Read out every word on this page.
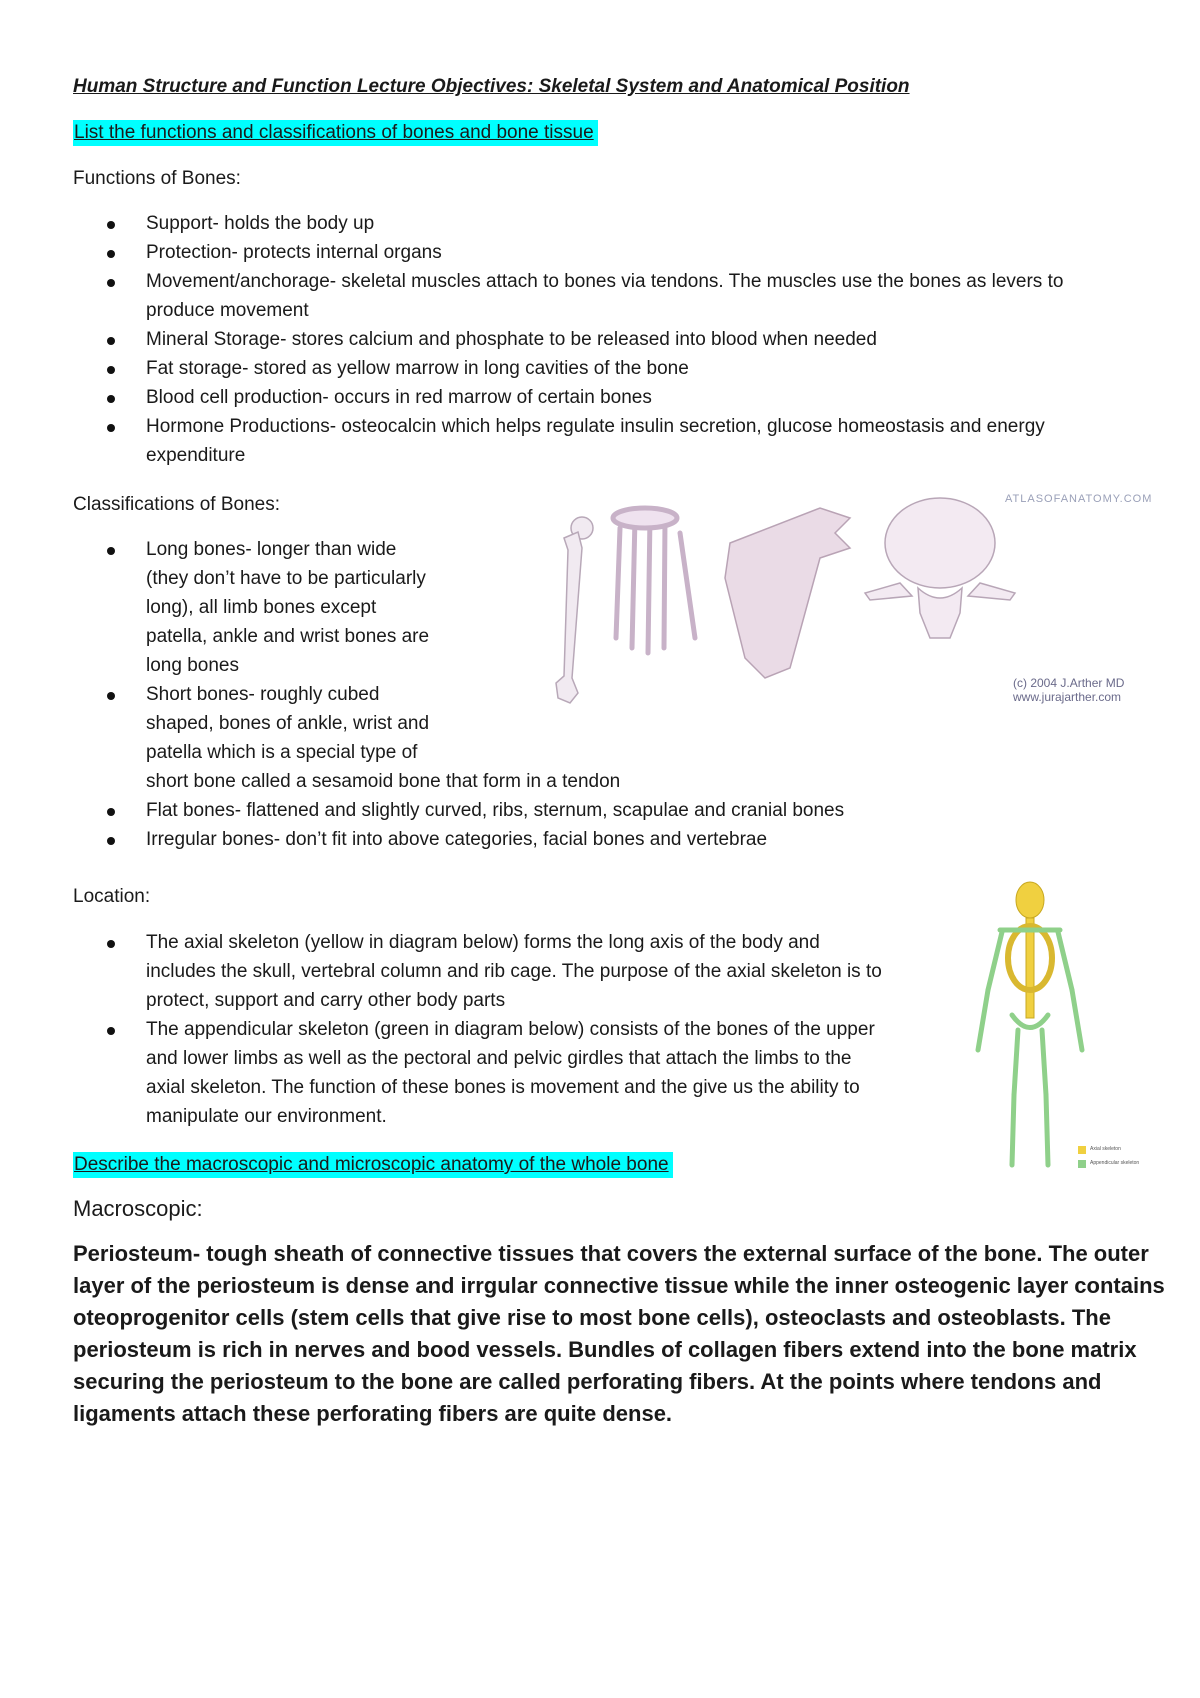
Human Structure and Function Lecture Objectives: Skeletal System and Anatomical Position
List the functions and classifications of bones and bone tissue
Functions of Bones:
Support- holds the body up
Protection- protects internal organs
Movement/anchorage- skeletal muscles attach to bones via tendons. The muscles use the bones as levers to
produce movement
Mineral Storage- stores calcium and phosphate to be released into blood when needed
Fat storage- stored as yellow marrow in long cavities of the bone
Blood cell production- occurs in red marrow of certain bones
Hormone Productions- osteocalcin which helps regulate insulin secretion, glucose homeostasis and energy
expenditure
Classifications of Bones:
Long bones- longer than wide
(they don’t have to be particularly
long), all limb bones except
patella, ankle and wrist bones are
long bones
Short bones- roughly cubed
shaped, bones of ankle, wrist and
patella which is a special type of
short bone called a sesamoid bone that form in a tendon
Flat bones- flattened and slightly curved, ribs, sternum, scapulae and cranial bones
Irregular bones- don’t fit into above categories, facial bones and vertebrae
ATLASOFANATOMY.COM
(c) 2004 J.Arther MD
www.jurajarther.com
Location:
The axial skeleton (yellow in diagram below) forms the long axis of the body and
includes the skull, vertebral column and rib cage. The purpose of the axial skeleton is to
protect, support and carry other body parts
The appendicular skeleton (green in diagram below) consists of the bones of the upper
and lower limbs as well as the pectoral and pelvic girdles that attach the limbs to the
axial skeleton. The function of these bones is movement and the give us the ability to
manipulate our environment.
Axial skeleton
Appendicular skeleton
Describe the macroscopic and microscopic anatomy of the whole bone
Macroscopic:
Periosteum- tough sheath of connective tissues that covers the external surface of the bone. The outer
layer of the periosteum is dense and irrgular connective tissue while the inner osteogenic layer contains
oteoprogenitor cells (stem cells that give rise to most bone cells), osteoclasts and osteoblasts. The
periosteum is rich in nerves and bood vessels. Bundles of collagen fibers extend into the bone matrix
securing the periosteum to the bone are called perforating fibers. At the points where tendons and
ligaments attach these perforating fibers are quite dense.
